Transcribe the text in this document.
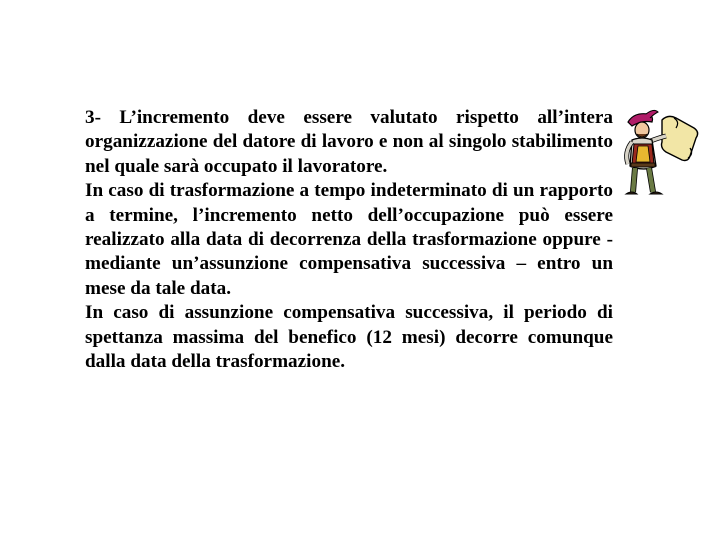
3- L’incremento deve essere valutato rispetto all’intera organizzazione del datore di lavoro e non al singolo stabilimento nel quale sarà occupato il lavoratore.

In caso di trasformazione a tempo indeterminato di un rapporto a termine, l’incremento netto dell’occupazione può essere realizzato alla data di decorrenza della trasformazione oppure - mediante un’assunzione compensativa successiva – entro un mese da tale data.

In caso di assunzione compensativa successiva, il periodo di spettanza massima del benefico (12 mesi) decorre comunque dalla data della trasformazione.
